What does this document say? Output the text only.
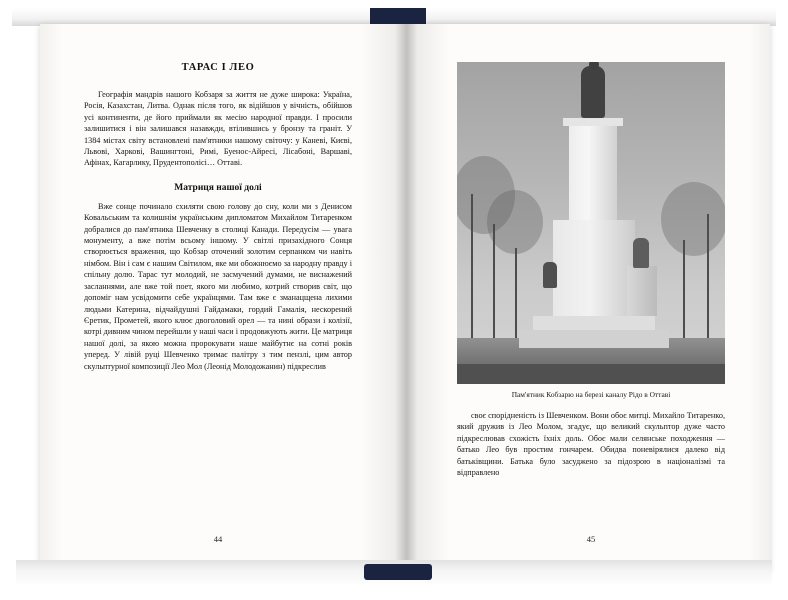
ТАРАС І ЛЕО

Географія мандрів нашого Кобзаря за життя не дуже широка: Україна, Росія, Казахстан, Литва. Однак після того, як відійшов у вічність, обійшов усі континенти, де його приймали як месію народної правди. І просили залишитися і він залишався назавжди, втілившись у бронзу та граніт. У 1384 містах світу встановлені пам'ятники нашому світочу: у Каневі, Києві, Львові, Харкові, Вашингтоні, Римі, Буенос-Айресі, Лісабоні, Варшаві, Афінах, Кагарлику, Прудентополісі… Оттаві.

Матриця нашої долі

Вже сонце починало схиляти свою голову до сну, коли ми з Денисом Ковальським та колишнім українським дипломатом Михайлом Титаренком добралися до пам'ятника Шевченку в столиці Канади. Передусім — увага монументу, а вже потім всьому іншому. У світлі призахідного Сонця створюється враження, що Кобзар оточений золотим серпанком чи навіть німбом. Він і сам є нашим Світилом, яке ми обожнюємо за народну правду і спільну долю. Тарас тут молодий, не засмучений думами, не виснажений засланнями, але вже той поет, якого ми любимо, котрий створив світ, що допоміг нам усвідомити себе українцями. Там вже є зманацщена лихими людьми Катерина, відчайдушні Гайдамаки, гордий Гамалія, нескорений Єретик, Прометей, якого клює двоголовий орел — та нині образи і колізії, котрі дивним чином перейшли у наші часи і продовжують жити. Це матриця нашої долі, за якою можна пророкувати наше майбутнє на сотні років уперед. У лівій руці Шевченко тримає палітру з тим пензлі, цим автор скульптурної композиції Лео Мол (Леонід Молодожанин) підкреслив

44
Пам'ятник Кобзарю на березі каналу Рідо в Оттаві

своє спорідненість із Шевченком. Вони обоє митці. Михайло Титаренко, який дружив із Лео Молом, згадує, що великий скульптор дуже часто підкреслював схожість їхніх доль. Обоє мали селянське походження — батько Лео був простим гончарем. Обидва поневірялися далеко від батьківщини. Батька було засуджено за підозрою в націоналізмі та відправлено

45
